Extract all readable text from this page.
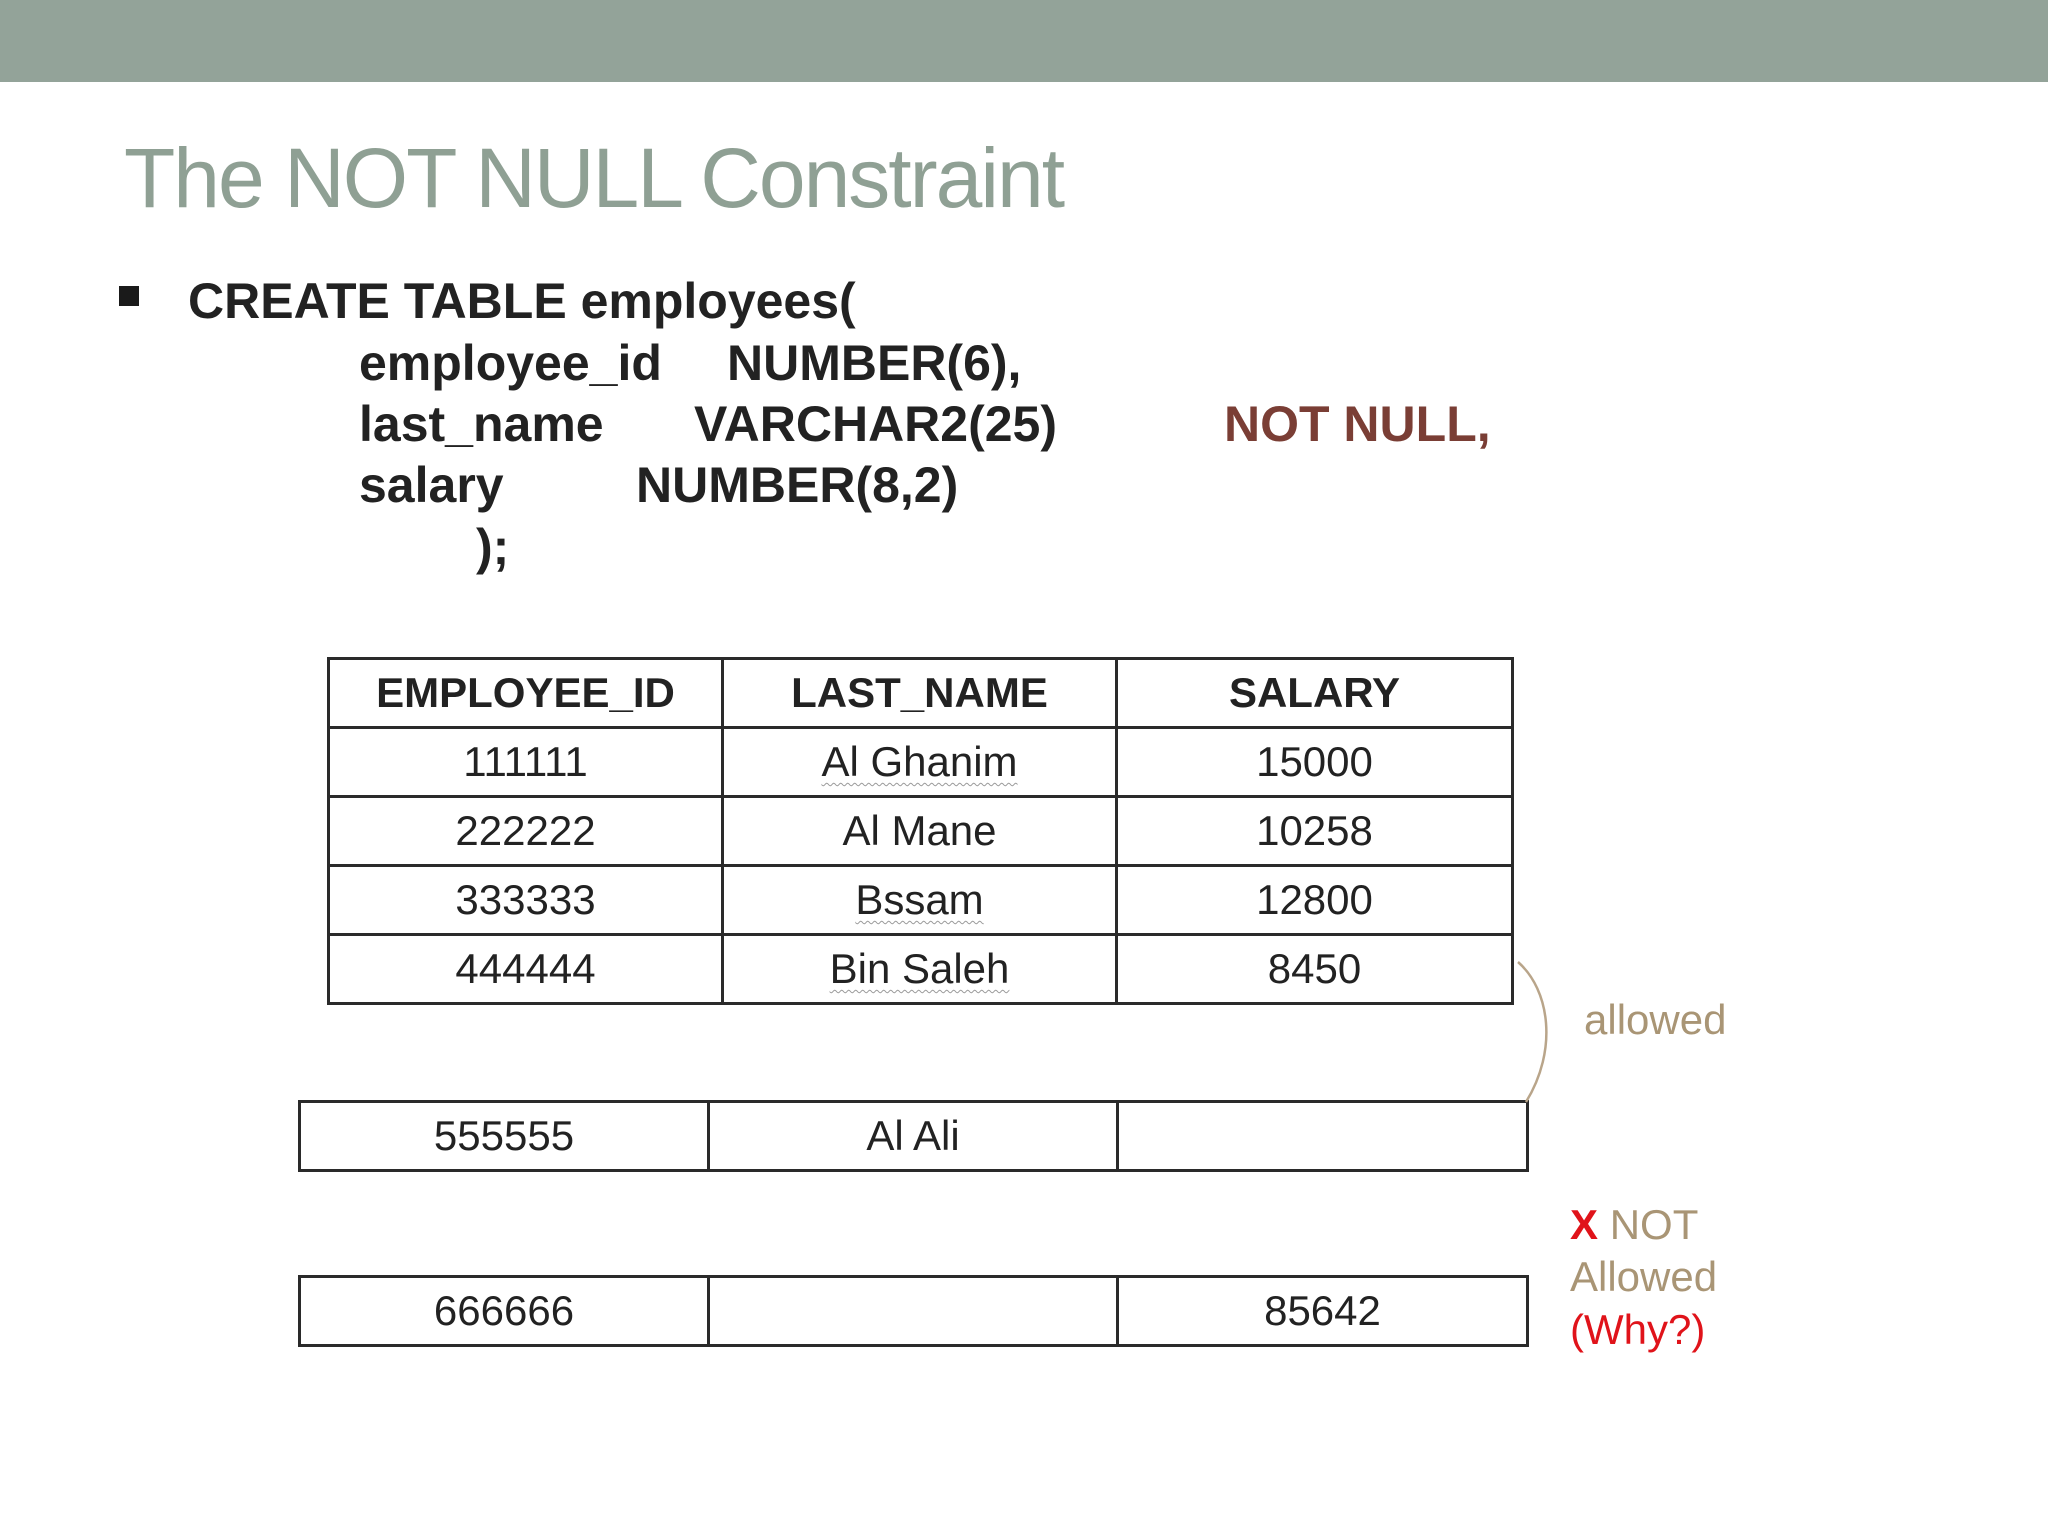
The NOT NULL Constraint
CREATE TABLE employees(
employee_id NUMBER(6),
last_name VARCHAR2(25)	NOT NULL,
salary	NUMBER(8,2)
);
EMPLOYEE_ID	LAST_NAME	SALARY
111111	Al Ghanim	15000
222222	Al Mane	10258
333333	Bssam	12800
444444	Bin Saleh	8450
555555	Al Ali	
666666		85642
allowed
X NOT
Allowed
(Why?)
